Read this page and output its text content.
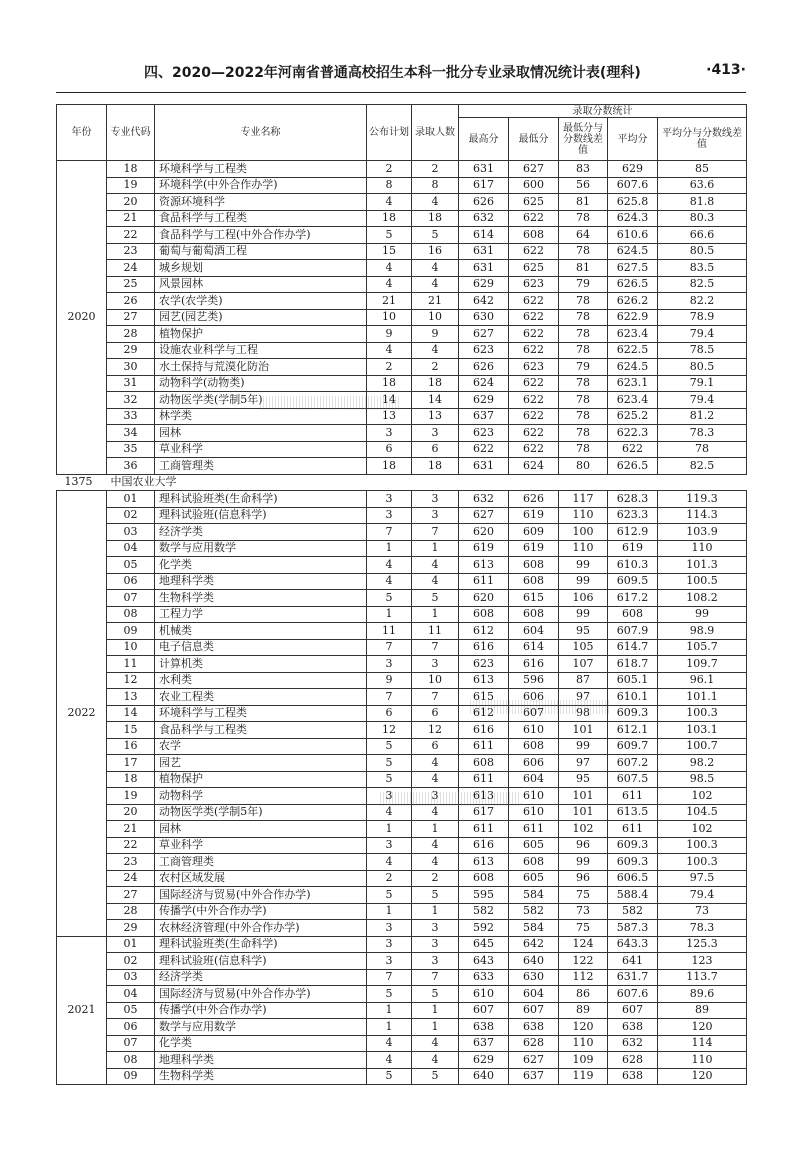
四、2020—2022年河南省普通高校招生本科一批分专业录取情况统计表(理科)	·413·
年份	专业代码	专业名称	公布计划	录取人数	录取分数统计				
					最高分	最低分	最低分与分数线差值	平均分	平均分与分数线差值
2020	18	环境科学与工程类	2	2	631	627	83	629	85
	19	环境科学(中外合作办学)	8	8	617	600	56	607.6	63.6
	20	资源环境科学	4	4	626	625	81	625.8	81.8
	21	食品科学与工程类	18	18	632	622	78	624.3	80.3
	22	食品科学与工程(中外合作办学)	5	5	614	608	64	610.6	66.6
	23	葡萄与葡萄酒工程	15	16	631	622	78	624.5	80.5
	24	城乡规划	4	4	631	625	81	627.5	83.5
	25	风景园林	4	4	629	623	79	626.5	82.5
	26	农学(农学类)	21	21	642	622	78	626.2	82.2
	27	园艺(园艺类)	10	10	630	622	78	622.9	78.9
	28	植物保护	9	9	627	622	78	623.4	79.4
	29	设施农业科学与工程	4	4	623	622	78	622.5	78.5
	30	水土保持与荒漠化防治	2	2	626	623	79	624.5	80.5
	31	动物科学(动物类)	18	18	624	622	78	623.1	79.1
	32	动物医学类(学制5年)	14	14	629	622	78	623.4	79.4
	33	林学类	13	13	637	622	78	625.2	81.2
	34	园林	3	3	623	622	78	622.3	78.3
	35	草业科学	6	6	622	622	78	622	78
	36	工商管理类	18	18	631	624	80	626.5	82.5
1375	中国农业大学								
2022	01	理科试验班类(生命科学)	3	3	632	626	117	628.3	119.3
	02	理科试验班(信息科学)	3	3	627	619	110	623.3	114.3
	03	经济学类	7	7	620	609	100	612.9	103.9
	04	数学与应用数学	1	1	619	619	110	619	110
	05	化学类	4	4	613	608	99	610.3	101.3
	06	地理科学类	4	4	611	608	99	609.5	100.5
	07	生物科学类	5	5	620	615	106	617.2	108.2
	08	工程力学	1	1	608	608	99	608	99
	09	机械类	11	11	612	604	95	607.9	98.9
	10	电子信息类	7	7	616	614	105	614.7	105.7
	11	计算机类	3	3	623	616	107	618.7	109.7
	12	水利类	9	10	613	596	87	605.1	96.1
	13	农业工程类	7	7	615	606	97	610.1	101.1
	14	环境科学与工程类	6	6	612	607	98	609.3	100.3
	15	食品科学与工程类	12	12	616	610	101	612.1	103.1
	16	农学	5	6	611	608	99	609.7	100.7
	17	园艺	5	4	608	606	97	607.2	98.2
	18	植物保护	5	4	611	604	95	607.5	98.5
	19	动物科学	3	3	613	610	101	611	102
	20	动物医学类(学制5年)	4	4	617	610	101	613.5	104.5
	21	园林	1	1	611	611	102	611	102
	22	草业科学	3	4	616	605	96	609.3	100.3
	23	工商管理类	4	4	613	608	99	609.3	100.3
	24	农村区域发展	2	2	608	605	96	606.5	97.5
	27	国际经济与贸易(中外合作办学)	5	5	595	584	75	588.4	79.4
	28	传播学(中外合作办学)	1	1	582	582	73	582	73
	29	农林经济管理(中外合作办学)	3	3	592	584	75	587.3	78.3
2021	01	理科试验班类(生命科学)	3	3	645	642	124	643.3	125.3
	02	理科试验班(信息科学)	3	3	643	640	122	641	123
	03	经济学类	7	7	633	630	112	631.7	113.7
	04	国际经济与贸易(中外合作办学)	5	5	610	604	86	607.6	89.6
	05	传播学(中外合作办学)	1	1	607	607	89	607	89
	06	数学与应用数学	1	1	638	638	120	638	120
	07	化学类	4	4	637	628	110	632	114
	08	地理科学类	4	4	629	627	109	628	110
	09	生物科学类	5	5	640	637	119	638	120
